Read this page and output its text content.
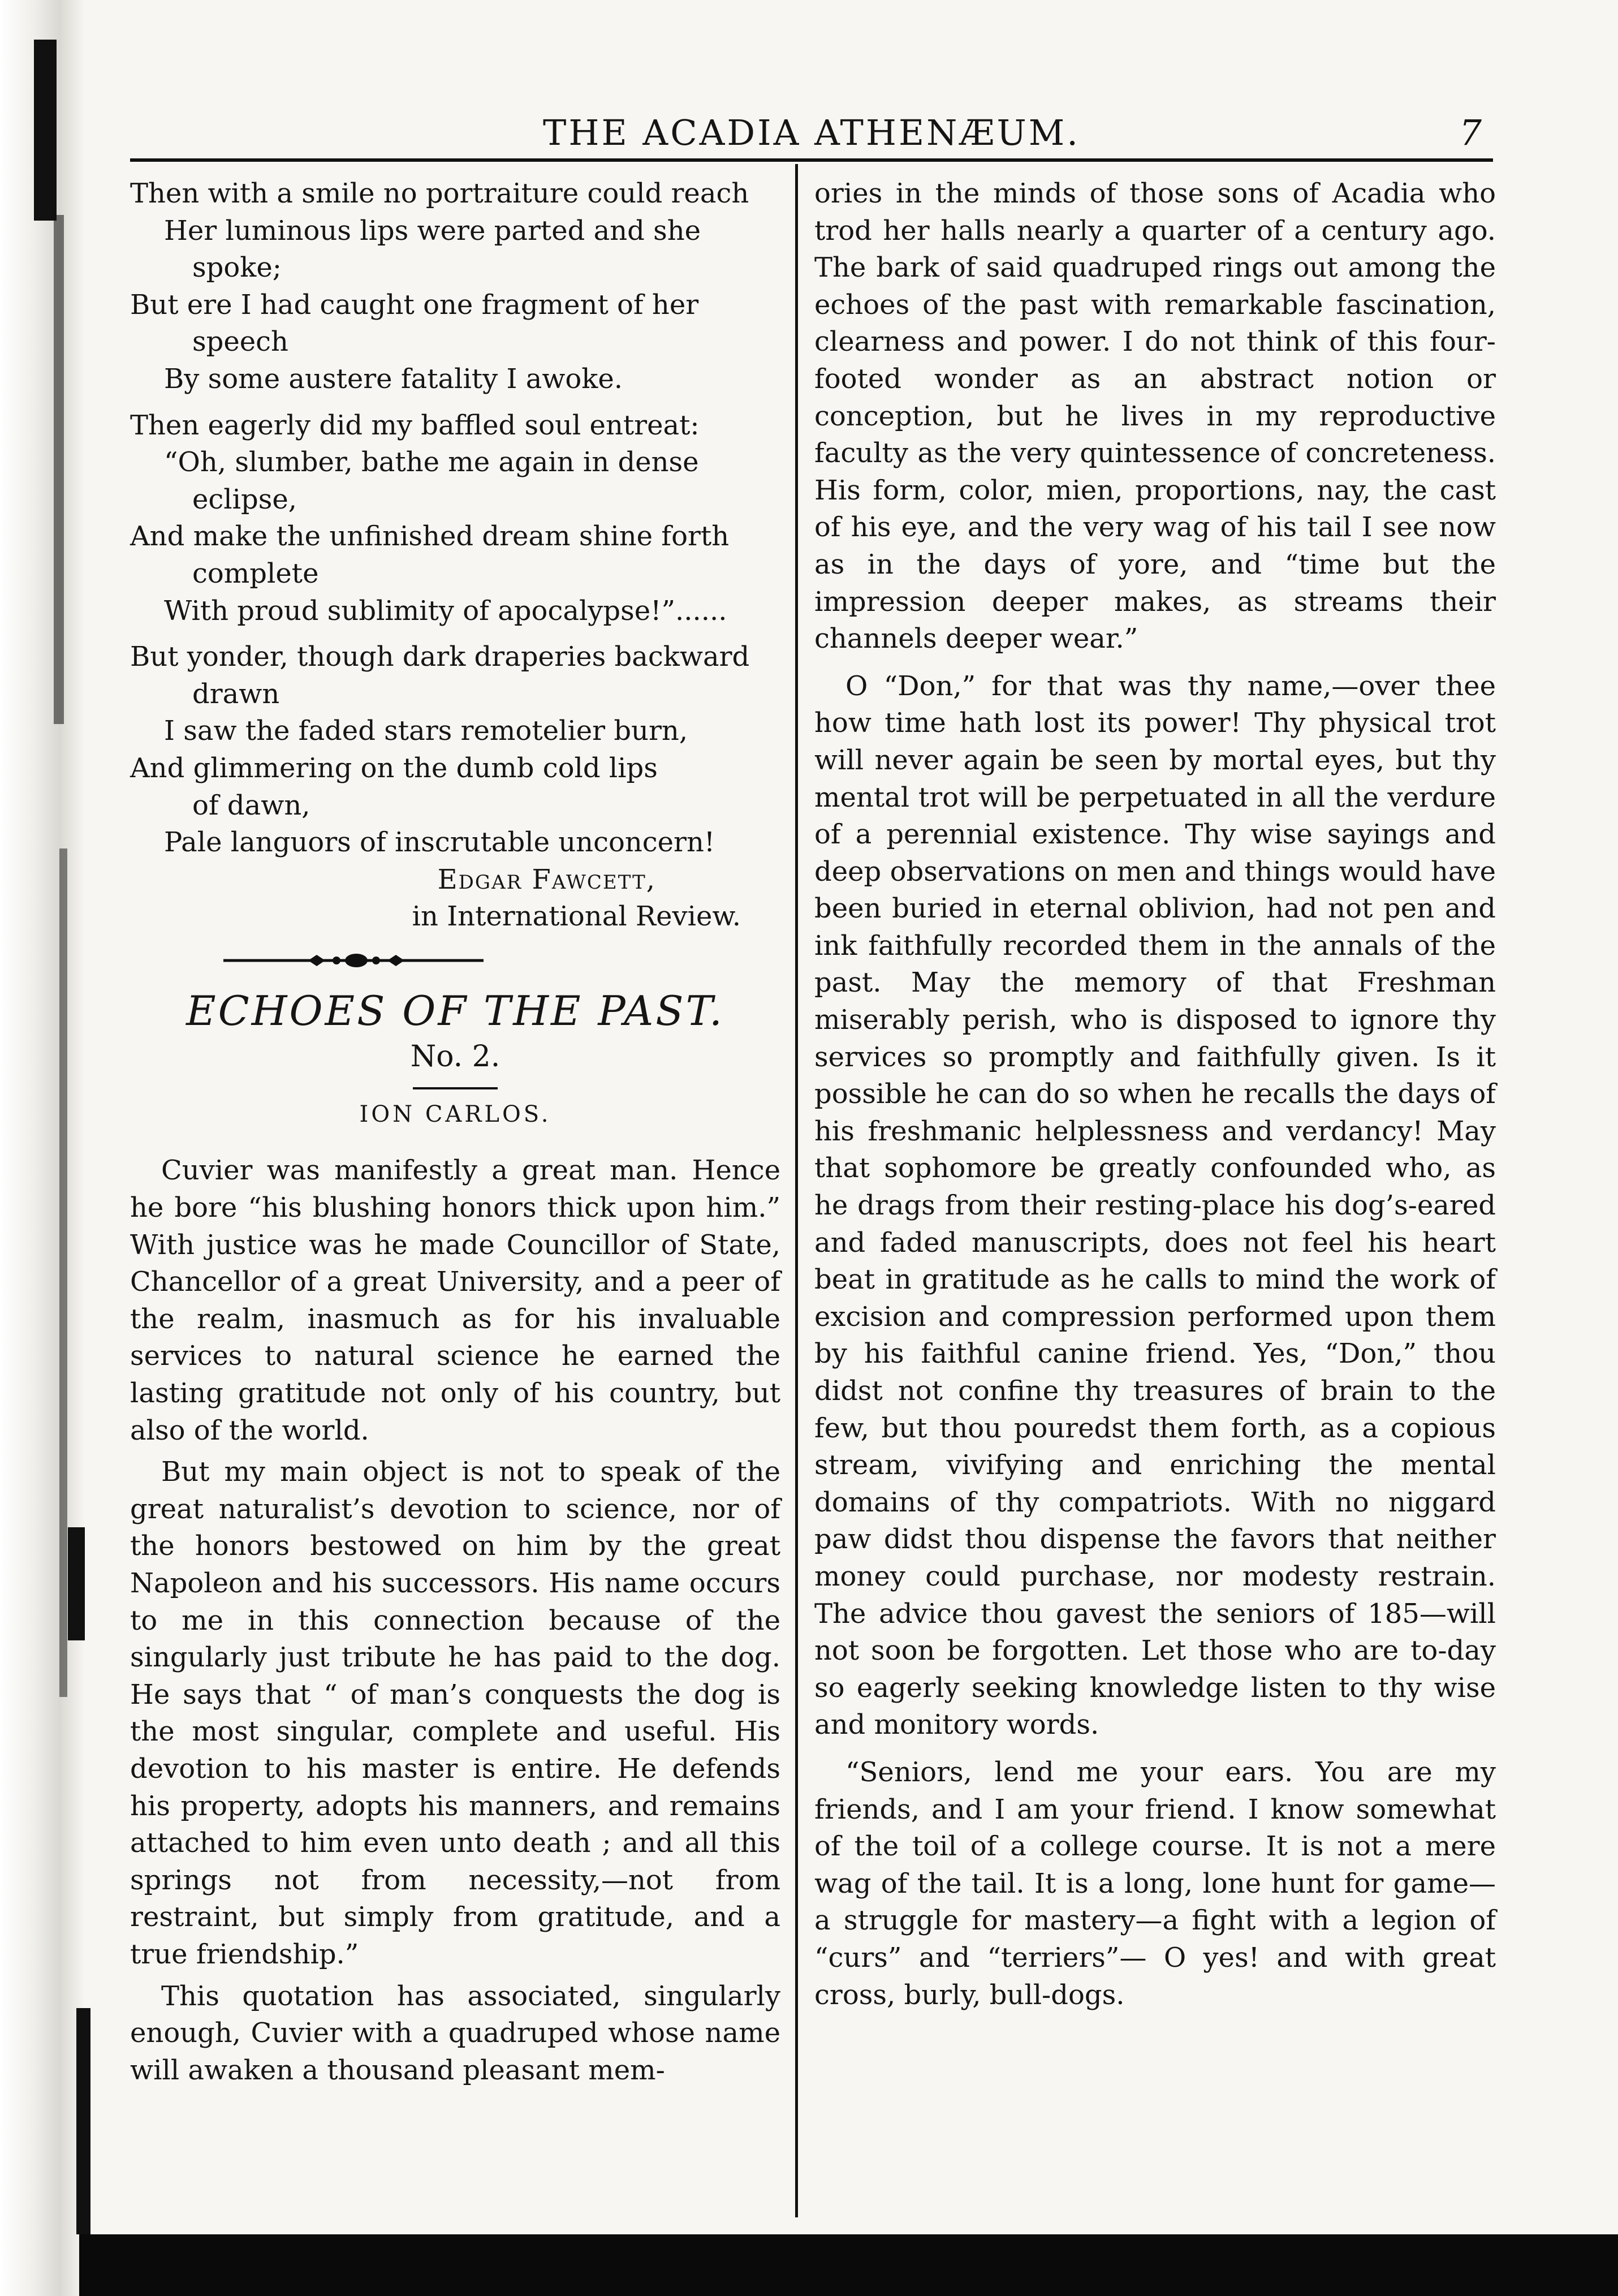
THE ACADIA ATHENÆUM.	7

Then with a smile no portraiture could reach

Her luminous lips were parted and she

spoke;

But ere I had caught one fragment of her

speech

By some austere fatality I awoke.

Then eagerly did my baffled soul entreat:

“Oh, slumber, bathe me again in dense

eclipse,

And make the unfinished dream shine forth

complete

With proud sublimity of apocalypse!”......

But yonder, though dark draperies backward

drawn

I saw the faded stars remotelier burn,

And glimmering on the dumb cold lips

of dawn,

Pale languors of inscrutable unconcern!

Edgar Fawcett,
in International Review.

ECHOES OF THE PAST.

No. 2.

ION CARLOS.

Cuvier was manifestly a great man. Hence he bore “his blushing honors thick upon him.” With justice was he made Councillor of State, Chancellor of a great University, and a peer of the realm, inasmuch as for his invaluable services to natural science he earned the lasting gratitude not only of his country, but also of the world.

But my main object is not to speak of the great naturalist’s devotion to science, nor of the honors bestowed on him by the great Napoleon and his successors. His name occurs to me in this connection because of the singularly just tribute he has paid to the dog. He says that “ of man’s conquests the dog is the most singular, complete and useful. His devotion to his master is entire. He defends his property, adopts his manners, and remains attached to him even unto death ; and all this springs not from necessity,—not from restraint, but simply from gratitude, and a true friendship.”

This quotation has associated, singularly enough, Cuvier with a quadruped whose name will awaken a thousand pleasant mem-

ories in the minds of those sons of Acadia who trod her halls nearly a quarter of a century ago. The bark of said quadruped rings out among the echoes of the past with remarkable fascination, clearness and power. I do not think of this four-footed wonder as an abstract notion or conception, but he lives in my reproductive faculty as the very quintessence of concreteness. His form, color, mien, proportions, nay, the cast of his eye, and the very wag of his tail I see now as in the days of yore, and “time but the impression deeper makes, as streams their channels deeper wear.”

O “Don,” for that was thy name,—over thee how time hath lost its power! Thy physical trot will never again be seen by mortal eyes, but thy mental trot will be perpetuated in all the verdure of a perennial existence. Thy wise sayings and deep observations on men and things would have been buried in eternal oblivion, had not pen and ink faithfully recorded them in the annals of the past. May the memory of that Freshman miserably perish, who is disposed to ignore thy services so promptly and faithfully given. Is it possible he can do so when he recalls the days of his freshmanic helplessness and verdancy! May that sophomore be greatly confounded who, as he drags from their resting-place his dog’s-eared and faded manuscripts, does not feel his heart beat in gratitude as he calls to mind the work of excision and compression performed upon them by his faithful canine friend. Yes, “Don,” thou didst not confine thy treasures of brain to the few, but thou pouredst them forth, as a copious stream, vivifying and enriching the mental domains of thy compatriots. With no niggard paw didst thou dispense the favors that neither money could purchase, nor modesty restrain. The advice thou gavest the seniors of 185—will not soon be forgotten. Let those who are to-day so eagerly seeking knowledge listen to thy wise and monitory words.

“Seniors, lend me your ears. You are my friends, and I am your friend. I know somewhat of the toil of a college course. It is not a mere wag of the tail. It is a long, lone hunt for game—a struggle for mastery—a fight with a legion of “curs” and “terriers”— O yes! and with great cross, burly, bull-dogs.
